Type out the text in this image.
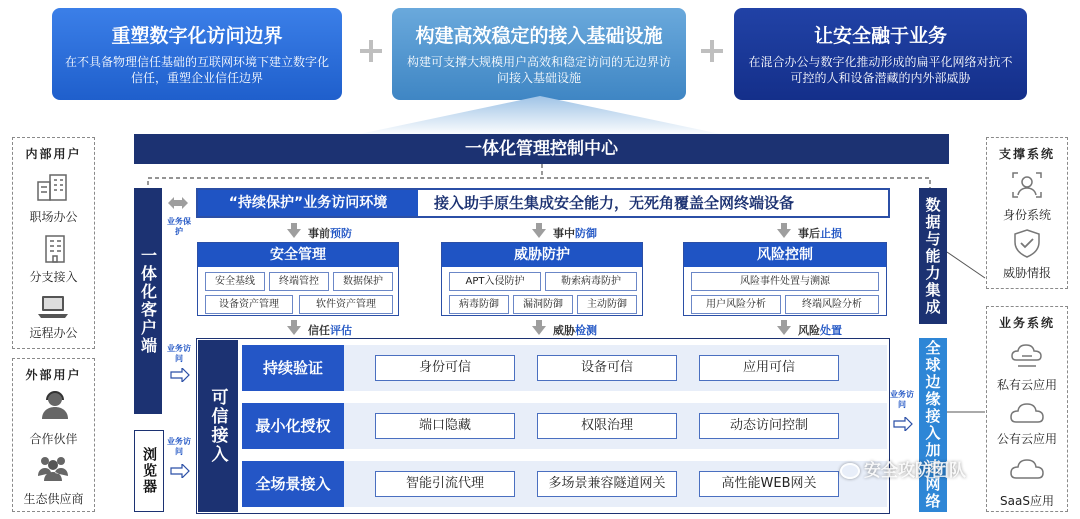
重塑数字化访问边界
在不具备物理信任基础的互联网环境下建立数字化信任，重塑企业信任边界
构建高效稳定的接入基础设施
构建可支撑大规模用户高效和稳定访问的无边界访问接入基础设施
让安全融于业务
在混合办公与数字化推动形成的扁平化网络对抗不可控的人和设备潜藏的内外部威胁
一体化管理控制中心
内部用户
职场办公
分支接入
远程办公
外部用户
合作伙伴
生态供应商
一体化客户端
浏览器
业务保护
业务访问
业务访问
“持续保护”业务访问环境	接入助手原生集成安全能力，无死角覆盖全网终端设备
事前预防	事中防御	事后止损
安全管理
安全基线	终端管控	数据保护
设备资产管理	软件资产管理
威胁防护
APT入侵防护	勒索病毒防护
病毒防御	漏洞防御	主动防御
风险控制
风险事件处置与溯源
用户风险分析	终端风险分析
信任评估	威胁检测	风险处置
可信接入
持续验证	身份可信	设备可信	应用可信
最小化授权	端口隐藏	权限治理	动态访问控制
全场景接入	智能引流代理	多场景兼容隧道网关	高性能WEB网关
数据与能力集成
全球边缘接入加速网络
业务访问
支撑系统
身份系统
威胁情报
业务系统
私有云应用
公有云应用
SaaS应用
安全攻防团队
